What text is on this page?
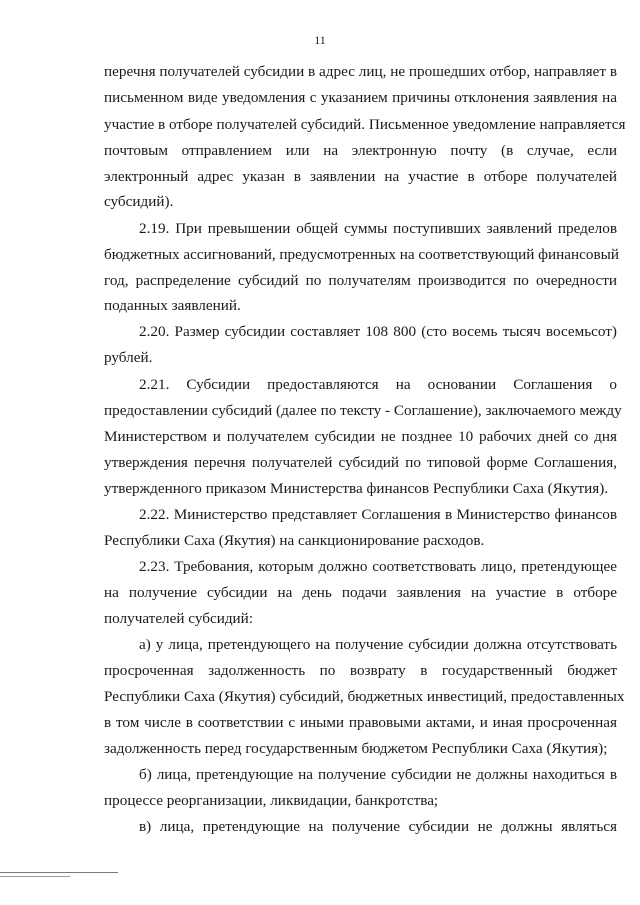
11
перечня получателей субсидии в адрес лиц, не прошедших отбор, направляет в
письменном виде уведомления с указанием причины отклонения заявления на
участие в отборе получателей субсидий. Письменное уведомление направляется
почтовым отправлением или на электронную почту (в случае, если
электронный адрес указан в заявлении на участие в отборе получателей
субсидий).
2.19. При превышении общей суммы поступивших заявлений пределов
бюджетных ассигнований, предусмотренных на соответствующий финансовый
год, распределение субсидий по получателям производится по очередности
поданных заявлений.
2.20. Размер субсидии составляет 108 800 (сто восемь тысяч восемьсот)
рублей.
2.21. Субсидии предоставляются на основании Соглашения о
предоставлении субсидий (далее по тексту - Соглашение), заключаемого между
Министерством и получателем субсидии не позднее 10 рабочих дней со дня
утверждения перечня получателей субсидий по типовой форме Соглашения,
утвержденного приказом Министерства финансов Республики Саха (Якутия).
2.22. Министерство представляет Соглашения в Министерство финансов
Республики Саха (Якутия) на санкционирование расходов.
2.23. Требования, которым должно соответствовать лицо, претендующее
на получение субсидии на день подачи заявления на участие в отборе
получателей субсидий:
а) у лица, претендующего на получение субсидии должна отсутствовать
просроченная задолженность по возврату в государственный бюджет
Республики Саха (Якутия) субсидий, бюджетных инвестиций, предоставленных
в том числе в соответствии с иными правовыми актами, и иная просроченная
задолженность перед государственным бюджетом Республики Саха (Якутия);
б) лица, претендующие на получение субсидии не должны находиться в
процессе реорганизации, ликвидации, банкротства;
в) лица, претендующие на получение субсидии не должны являться
